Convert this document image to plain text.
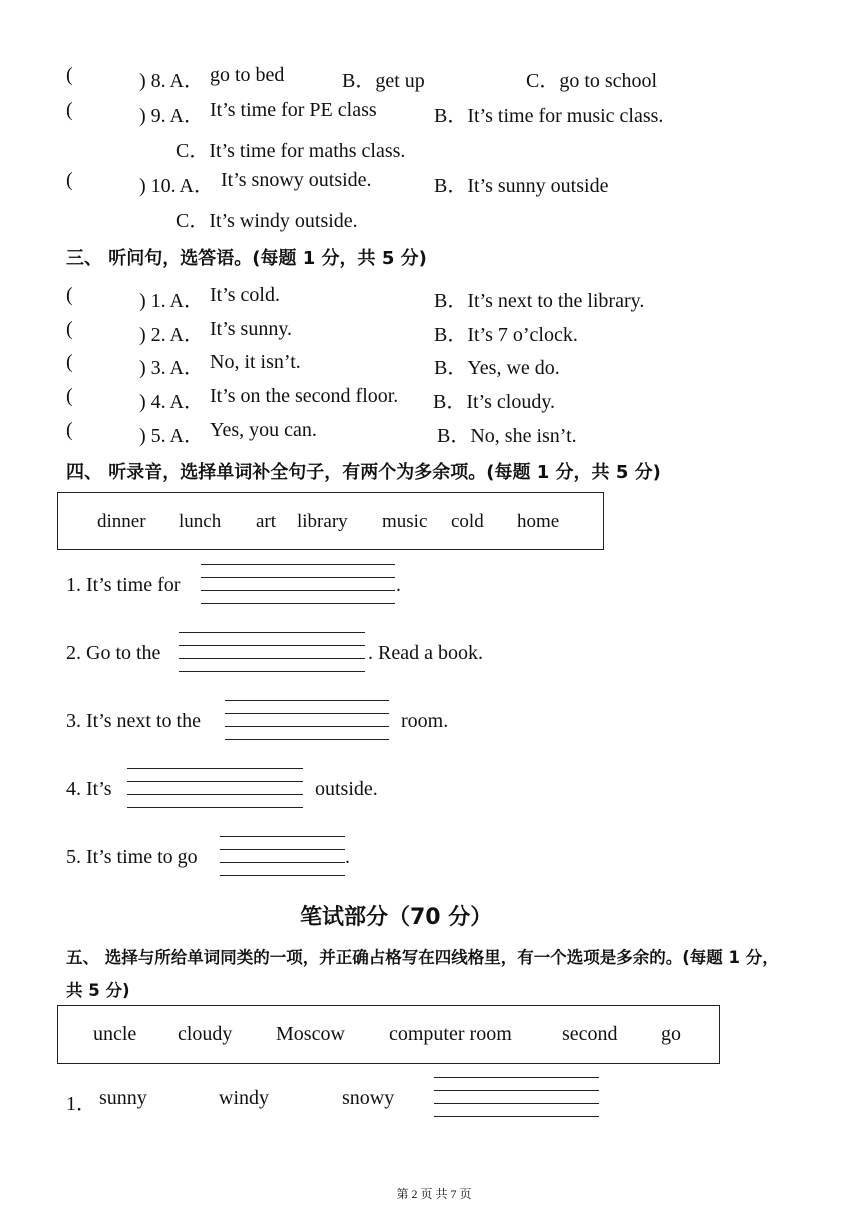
(	) 8. A． go to bed	B．get up	C．go to school
(	) 9. A． It’s time for PE class	B．It’s time for music class.
C．It’s time for maths class.
(	) 10. A． It’s snowy outside.	B．It’s sunny outside
C．It’s windy outside.
三、 听问句，选答语。(每题 1 分，共 5 分)
(	) 1. A． It’s cold.	B．It’s next to the library.
(	) 2. A． It’s sunny.	B．It’s 7 o’clock.
(	) 3. A． No, it isn’t.	B．Yes, we do.
(	) 4. A． It’s on the second floor. B．It’s cloudy.
(	) 5. A． Yes, you can.	B．No, she isn’t.
四、 听录音，选择单词补全句子，有两个为多余项。(每题 1 分，共 5 分)
dinner lunch art library music cold home
1. It’s time for	.
2. Go to the	. Read a book.
3. It’s next to the	room.
4. It’s	outside.
5. It’s time to go	.
笔试部分（70 分）
五、 选择与所给单词同类的一项，并正确占格写在四线格里，有一个选项是多余的。(每题 1 分，
共 5 分)
uncle cloudy Moscow computer room	second go
1． sunny	windy	snowy
第 2 页 共 7 页
